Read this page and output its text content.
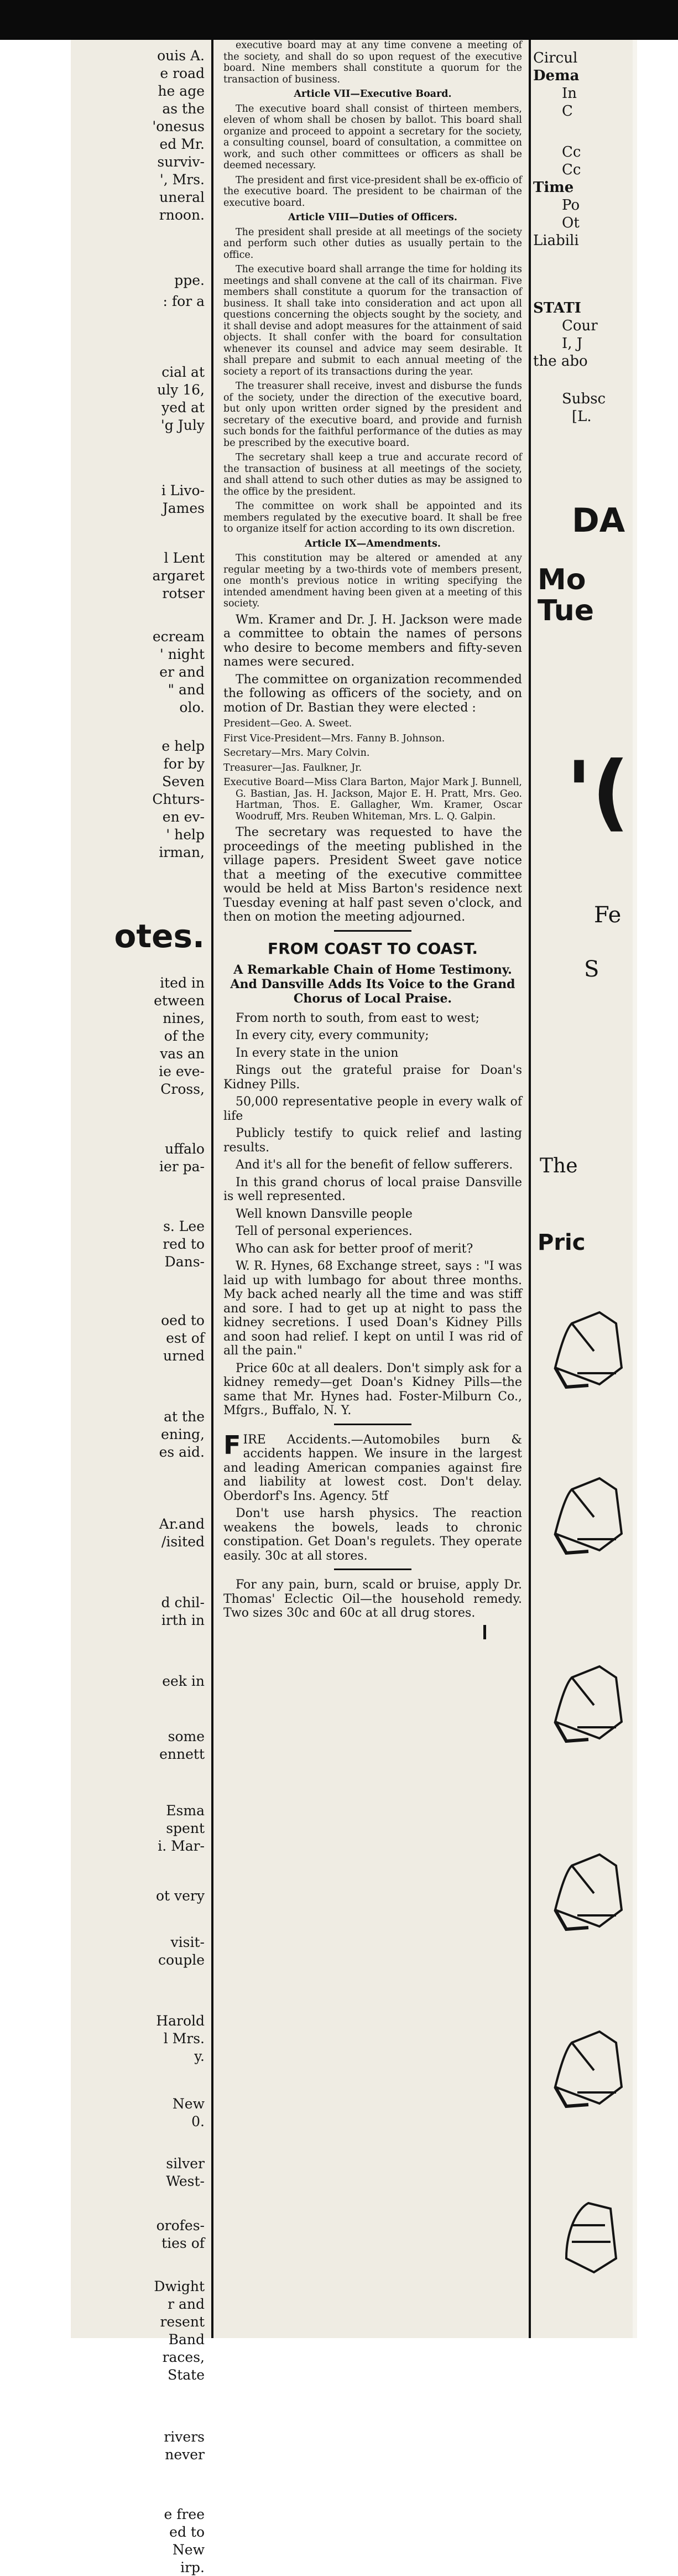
ouis A.
e road
he age
as the
'onesus
ed Mr.
surviv-
', Mrs.
uneral
rnoon.
ppe.
: for a
cial at
uly 16,
yed at
'g July
i Livo-
James
l Lent
argaret
rotser
ecream
' night
er and
" and
olo.
e help
for by
Seven
Chturs-
en ev-
' help
irman,
otes.
ited in
etween
nines,
of the
vas an
ie eve-
Cross,
uffalo
ier pa-
s. Lee
red to
Dans-
oed to
est of
urned
at the
ening,
es aid.
Ar.and
/isited
d chil-
irth in
eek in
some
ennett
Esma
spent
i. Mar-
ot very
visit-
couple
Harold
l Mrs.
y.
New
0.
silver
West-
orofes-
ties of
Dwight
r and
resent
Band
races,
State
rivers
never
e free
ed to
New
irp.

executive board may at any time convene a meeting of the society, and shall do so upon request of the executive board. Nine members shall constitute a quorum for the transaction of business.

Article VII—Executive Board.

The executive board shall consist of thirteen members, eleven of whom shall be chosen by ballot. This board shall organize and proceed to appoint a secretary for the society, a consulting counsel, board of consultation, a committee on work, and such other committees or officers as shall be deemed necessary.

The president and first vice-president shall be ex-officio of the executive board. The president to be chairman of the executive board.

Article VIII—Duties of Officers.

The president shall preside at all meetings of the society and perform such other duties as usually pertain to the office.

The executive board shall arrange the time for holding its meetings and shall convene at the call of its chairman. Five members shall constitute a quorum for the transaction of business. It shall take into consideration and act upon all questions concerning the objects sought by the society, and it shall devise and adopt measures for the attainment of said objects. It shall confer with the board for consultation whenever its counsel and advice may seem desirable. It shall prepare and submit to each annual meeting of the society a report of its transactions during the year.

The treasurer shall receive, invest and disburse the funds of the society, under the direction of the executive board, but only upon written order signed by the president and secretary of the executive board, and provide and furnish such bonds for the faithful performance of the duties as may be prescribed by the executive board.

The secretary shall keep a true and accurate record of the transaction of business at all meetings of the society, and shall attend to such other duties as may be assigned to the office by the president.

The committee on work shall be appointed and its members regulated by the executive board. It shall be free to organize itself for action according to its own discretion.

Article IX—Amendments.

This constitution may be altered or amended at any regular meeting by a two-thirds vote of members present, one month's previous notice in writing specifying the intended amendment having been given at a meeting of this society.

Wm. Kramer and Dr. J. H. Jackson were made a committee to obtain the names of persons who desire to become members and fifty-seven names were secured.

The committee on organization recommended the following as officers of the society, and on motion of Dr. Bastian they were elected :

President—Geo. A. Sweet.

First Vice-President—Mrs. Fanny B. Johnson.

Secretary—Mrs. Mary Colvin.

Treasurer—Jas. Faulkner, Jr.

Executive Board—Miss Clara Barton, Major Mark J. Bunnell, G. Bastian, Jas. H. Jackson, Major E. H. Pratt, Mrs. Geo. Hartman, Thos. E. Gallagher, Wm. Kramer, Oscar Woodruff, Mrs. Reuben Whiteman, Mrs. L. Q. Galpin.

The secretary was requested to have the proceedings of the meeting published in the village papers. President Sweet gave notice that a meeting of the executive committee would be held at Miss Barton's residence next Tuesday evening at half past seven o'clock, and then on motion the meeting adjourned.

FROM COAST TO COAST.
A Remarkable Chain of Home Testimony. And Dansville Adds Its Voice to the Grand Chorus of Local Praise.

From north to south, from east to west;

In every city, every community;

In every state in the union

Rings out the grateful praise for Doan's Kidney Pills.

50,000 representative people in every walk of life

Publicly testify to quick relief and lasting results.

And it's all for the benefit of fellow sufferers.

In this grand chorus of local praise Dansville is well represented.

Well known Dansville people

Tell of personal experiences.

Who can ask for better proof of merit?

W. R. Hynes, 68 Exchange street, says : "I was laid up with lumbago for about three months. My back ached nearly all the time and was stiff and sore. I had to get up at night to pass the kidney secretions. I used Doan's Kidney Pills and soon had relief. I kept on until I was rid of all the pain."

Price 60c at all dealers. Don't simply ask for a kidney remedy—get Doan's Kidney Pills—the same that Mr. Hynes had. Foster-Milburn Co., Mfgrs., Buffalo, N. Y.

FIRE Accidents.—Automobiles burn & accidents happen. We insure in the largest and leading American companies against fire and liability at lowest cost. Don't delay. Oberdorf's Ins. Agency. 5tf

Don't use harsh physics. The reaction weakens the bowels, leads to chronic constipation. Get Doan's regulets. They operate easily. 30c at all stores.

For any pain, burn, scald or bruise, apply Dr. Thomas' Eclectic Oil—the household remedy. Two sizes 30c and 60c at all drug stores.

Circul
Dema
In
C
Cc
Cc
Time
Po
Ot
Liabili
STATI
Cour
I, J
the abo
Subsc
[L.
DA
Mo
Tue
'(
Fe
S
The
Pric
